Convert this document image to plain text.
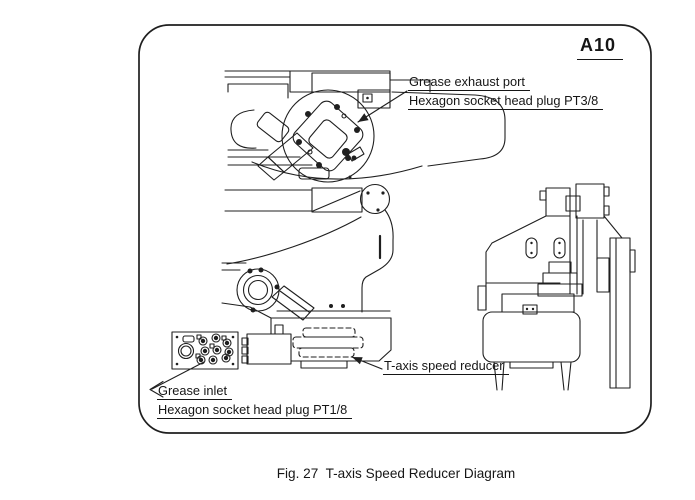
A10
Grease exhaust port
Hexagon socket head plug PT3/8
T-axis speed reducer
Grease inlet
Hexagon socket head plug PT1/8
Fig. 27  T-axis Speed Reducer Diagram
